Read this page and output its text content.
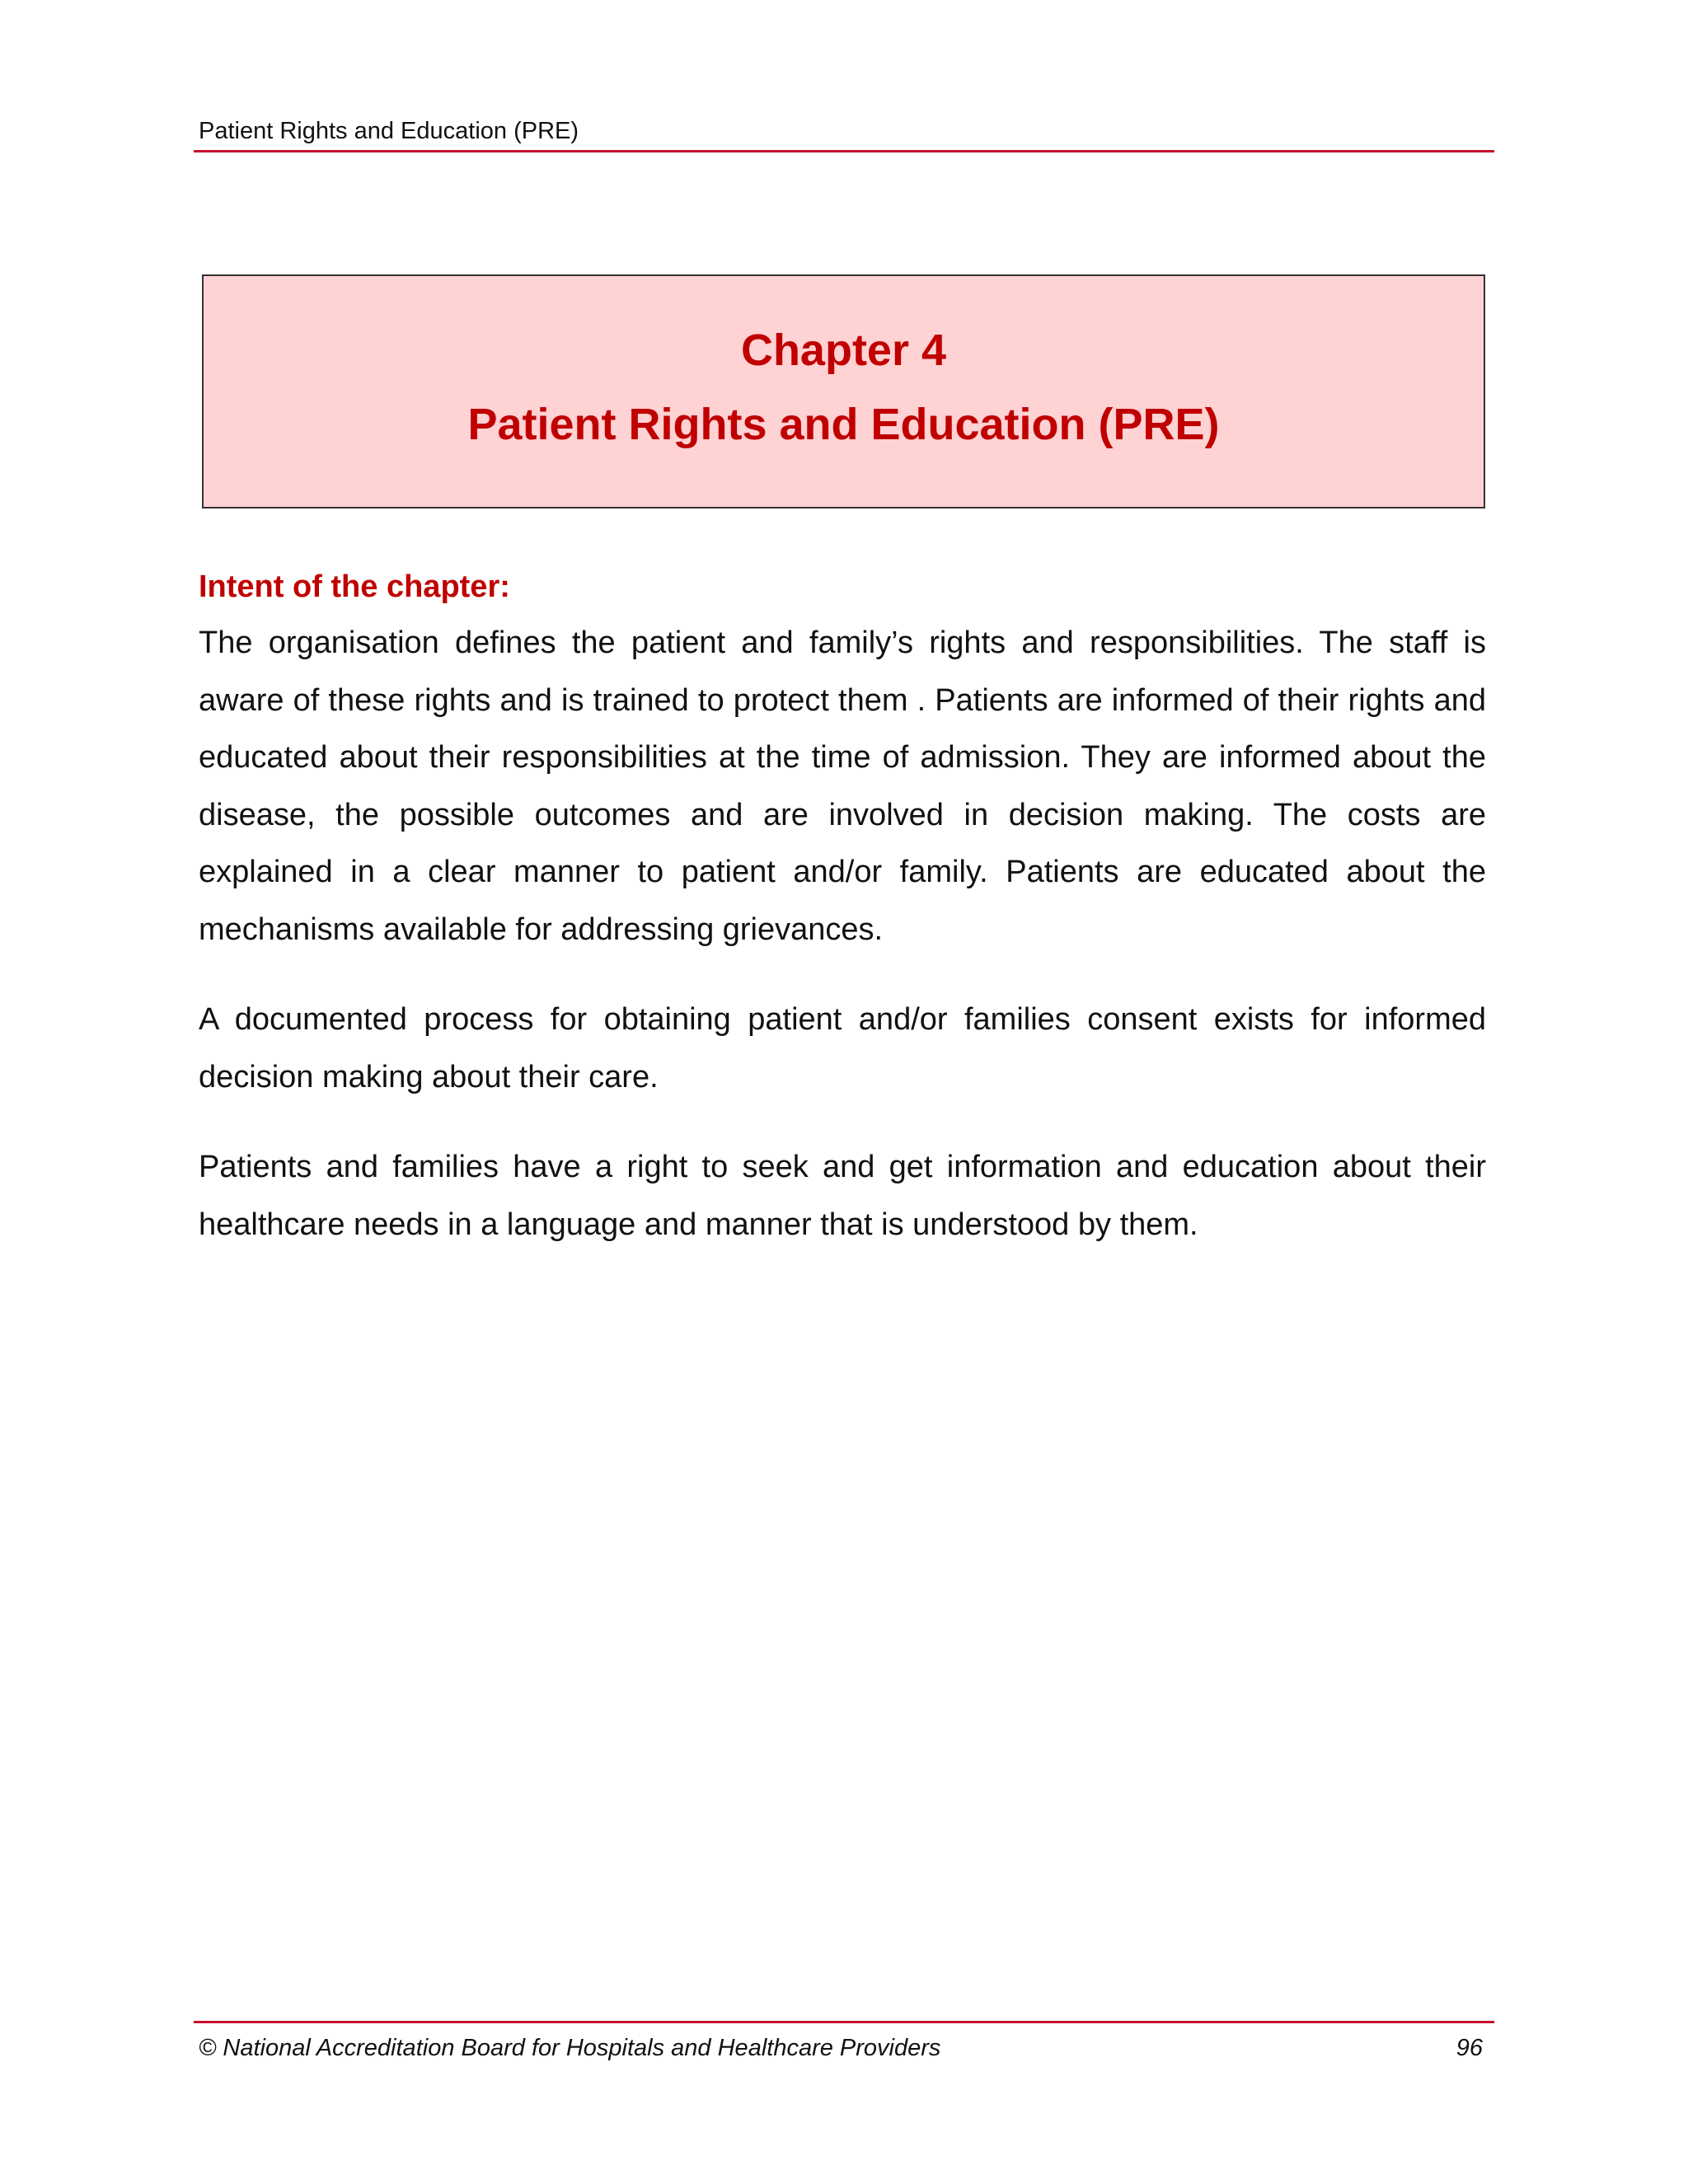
Patient Rights and Education (PRE)
Chapter 4
Patient Rights and Education (PRE)
Intent of the chapter:

The organisation defines the patient and family’s rights and responsibilities. The staff is aware of these rights and is trained to protect them . Patients are informed of their rights and educated about their responsibilities at the time of admission. They are informed about the disease, the possible outcomes and are involved in decision making. The costs are explained in a clear manner to patient and/or family. Patients are educated about the mechanisms available for addressing grievances.

A documented process for obtaining patient and/or families consent exists for informed decision making about their care.

Patients and families have a right to seek and get information and education about their healthcare needs in a language and manner that is understood by them.

© National Accreditation Board for Hospitals and Healthcare Providers	96
